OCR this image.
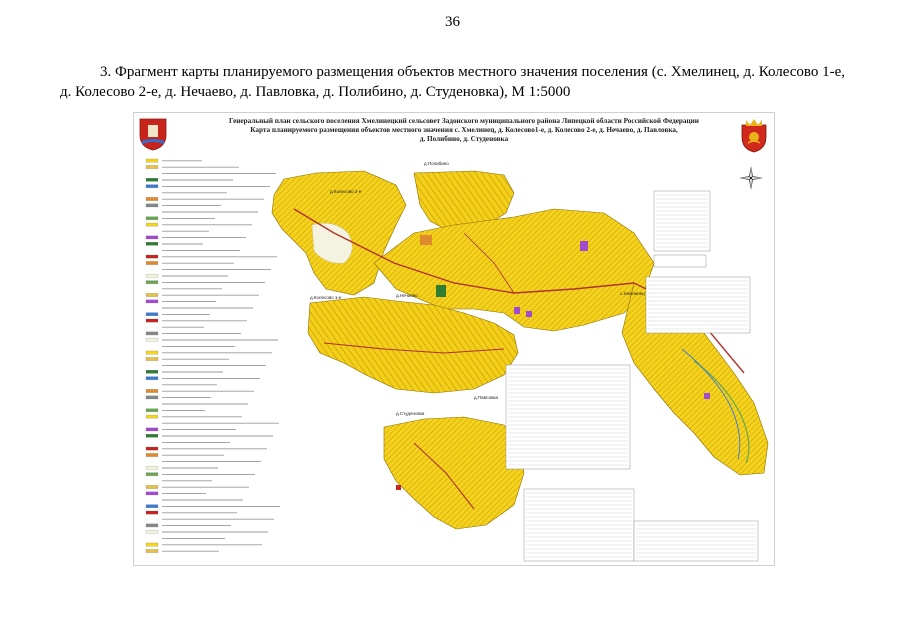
36
3. Фрагмент карты планируемого размещения объектов местного значения поселения (с. Хмелинец, д. Колесово 1-е, д. Колесово 2-е, д. Нечаево, д. Павловка, д. Полибино, д. Студеновка), М 1:5000
Генеральный план сельского поселения Хмелинецкий сельсовет Задонского муниципального района Липецкой области Российской Федерации
Карта планируемого размещения объектов местного значения с. Хмелинец, д. Колесово1-е, д. Колесово 2-е, д. Нечаево, д. Павловка,
д. Полибино, д. Студеновка
д.Колесово 2-е
д.Колесово 1-е	д.Нечаево
д.Павловка
д.Полибино
д.Студеновка
с.Хмелинец
